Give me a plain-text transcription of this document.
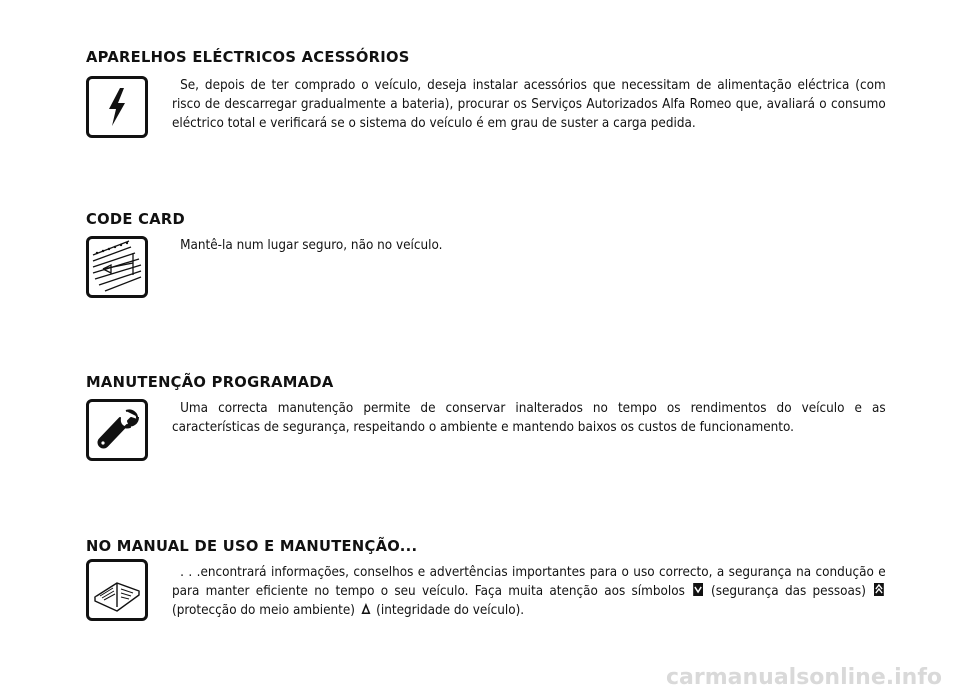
APARELHOS ELÉCTRICOS ACESSÓRIOS

Se, depois de ter comprado o veículo, deseja instalar acessórios que necessitam de alimentação eléctrica (com risco de descarregar gradualmente a bateria), procurar os Serviços Autorizados Alfa Romeo que, avaliará o consumo eléctrico total e verificará se o sistema do veículo é em grau de suster a carga pedida.

CODE CARD

Mantê-la num lugar seguro, não no veículo.

MANUTENÇÃO PROGRAMADA

Uma correcta manutenção permite de conservar inalterados no tempo os rendimentos do veículo e as características de segurança, respeitando o ambiente e mantendo baixos os custos de funcionamento.

NO MANUAL DE USO E MANUTENÇÃO...

. . .encontrará informações, conselhos e advertências importantes para o uso correcto, a segurança na condução e para manter eficiente no tempo o seu veículo. Faça muita atenção aos símbolos (segurança das pessoas)  (protecção do meio ambiente) (integridade do veículo).

carmanualsonline.info
